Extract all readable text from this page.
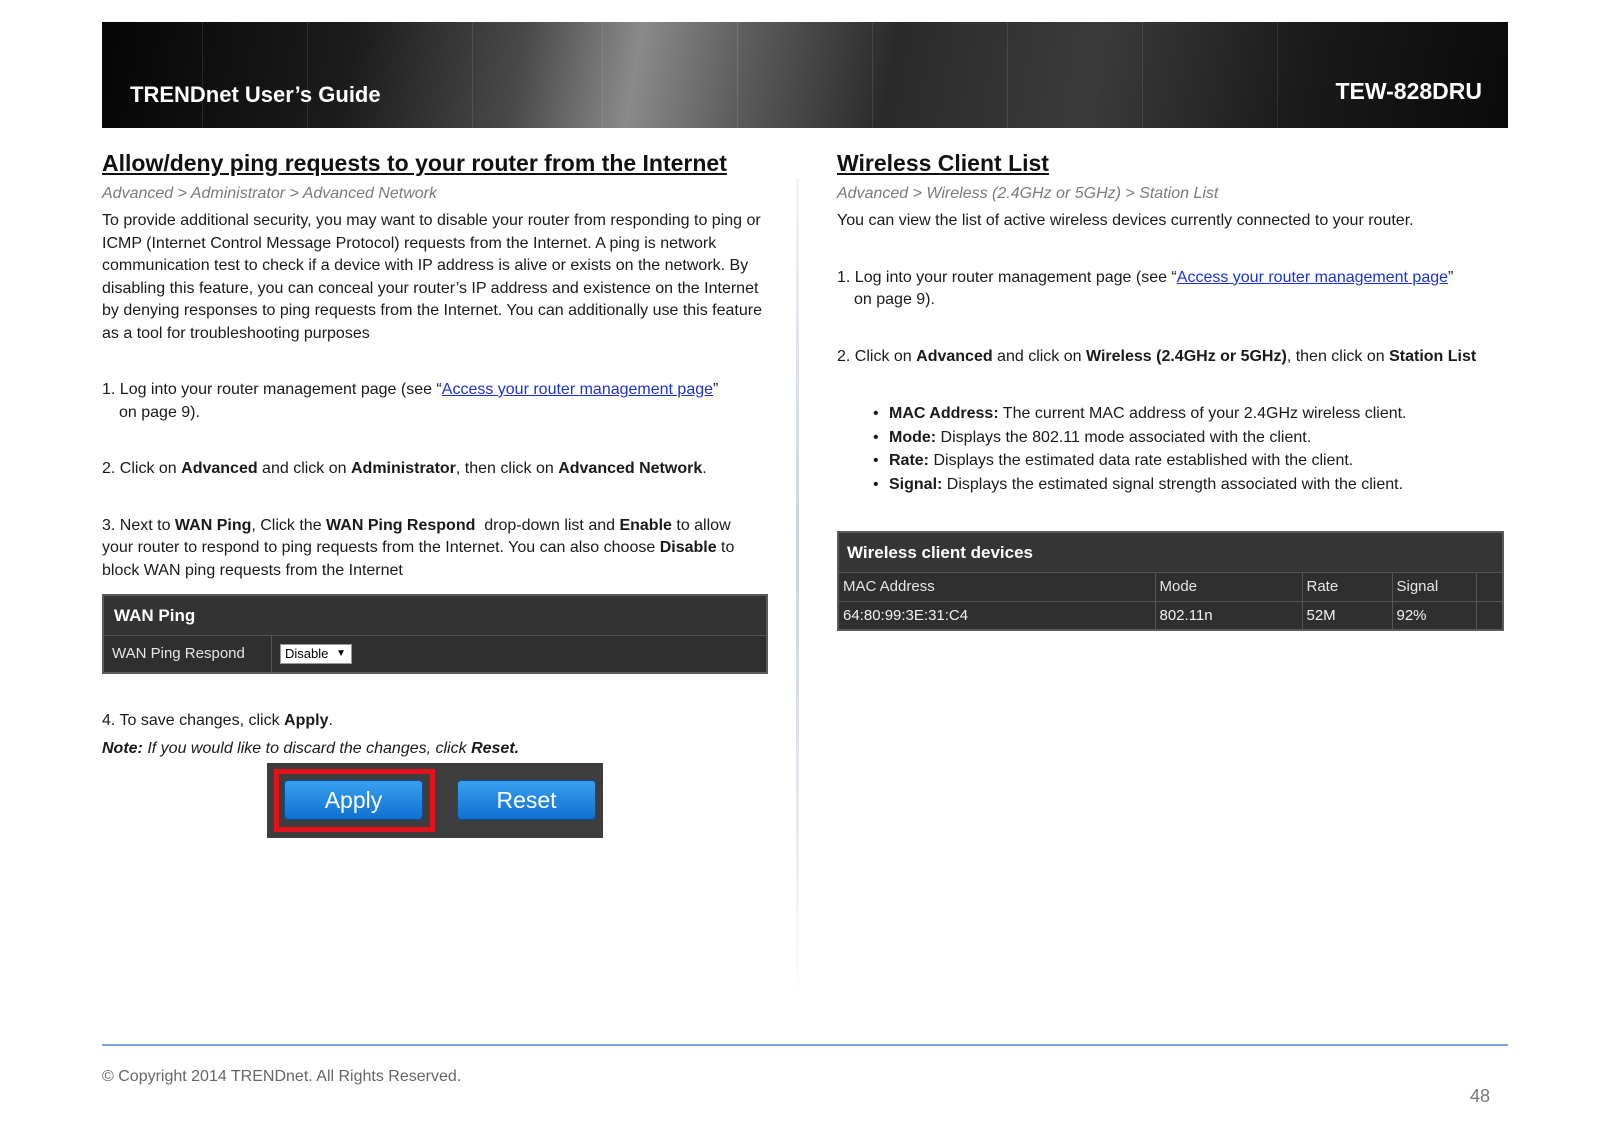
TRENDnet User’s Guide	TEW-828DRU
Allow/deny ping requests to your router from the Internet
Advanced > Administrator > Advanced Network

To provide additional security, you may want to disable your router from responding to ping or ICMP (Internet Control Message Protocol) requests from the Internet. A ping is network communication test to check if a device with IP address is alive or exists on the network. By disabling this feature, you can conceal your router’s IP address and existence on the Internet by denying responses to ping requests from the Internet. You can additionally use this feature as a tool for troubleshooting purposes

1. Log into your router management page (see “Access your router management page”

on page 9).

2. Click on Advanced and click on Administrator, then click on Advanced Network.

3. Next to WAN Ping, Click the WAN Ping Respond  drop-down list and Enable to allow your router to respond to ping requests from the Internet. You can also choose Disable to block WAN ping requests from the Internet

WAN Ping
WAN Ping Respond	Disable ▼

4. To save changes, click Apply.

Note: If you would like to discard the changes, click Reset.

Apply	Reset
Wireless Client List
Advanced > Wireless (2.4GHz or 5GHz) > Station List

You can view the list of active wireless devices currently connected to your router.

1. Log into your router management page (see “Access your router management page”

on page 9).

2. Click on Advanced and click on Wireless (2.4GHz or 5GHz), then click on Station List

• MAC Address: The current MAC address of your 2.4GHz wireless client.
• Mode: Displays the 802.11 mode associated with the client.
• Rate: Displays the estimated data rate established with the client.
• Signal: Displays the estimated signal strength associated with the client.
Wireless client devices
MAC Address	Mode	Rate	Signal	
64:80:99:3E:31:C4	802.11n	52M	92%	
© Copyright 2014 TRENDnet. All Rights Reserved.
48
